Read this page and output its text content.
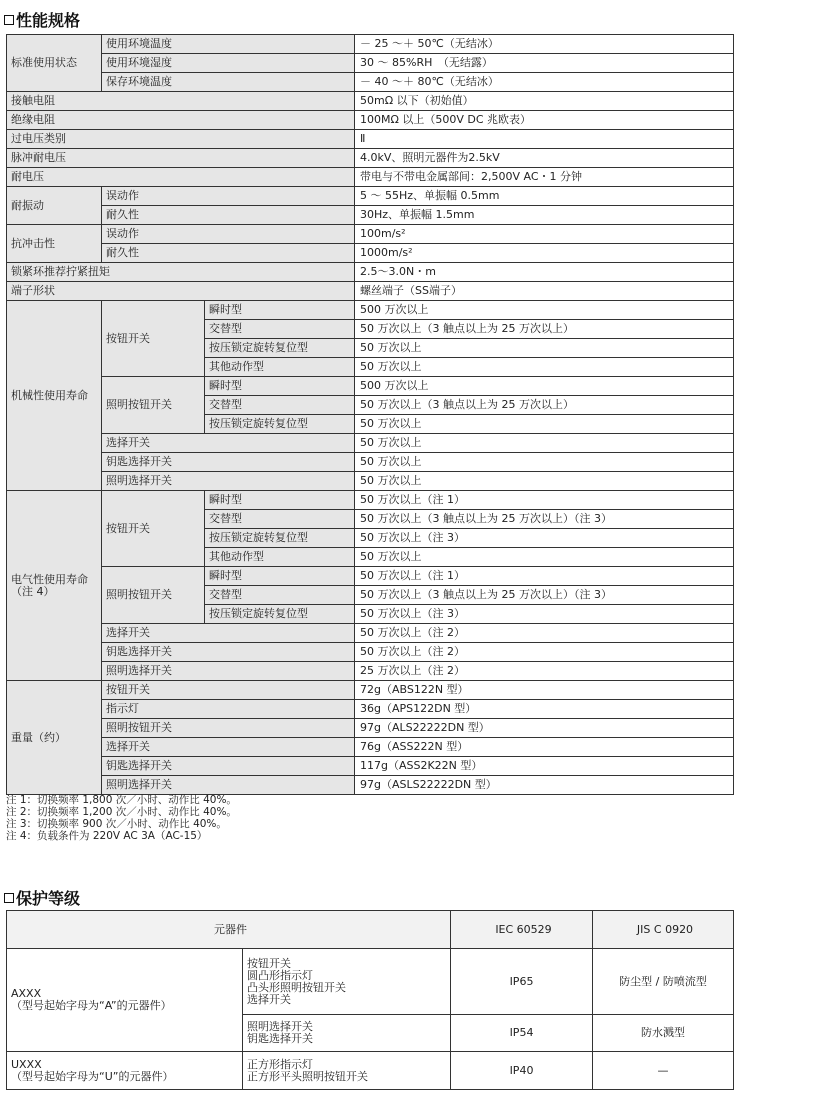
性能规格
标准使用状态	使用环境温度		－ 25 ～＋ 50℃（无结冰）
	使用环境湿度		30 ～ 85%RH　（无结露）
	保存环境温度		－ 40 ～＋ 80℃（无结冰）
接触电阻			50mΩ 以下（初始值）
绝缘电阻			100MΩ 以上（500V DC 兆欧表）
过电压类别			Ⅱ
脉冲耐电压			4.0kV、照明元器件为2.5kV
耐电压			带电与不带电金属部间：2,500V AC・1 分钟
耐振动	误动作		5 ～ 55Hz、单振幅 0.5mm
	耐久性		30Hz、单振幅 1.5mm
抗冲击性	误动作		100m/s²
	耐久性		1000m/s²
锁紧环推荐拧紧扭矩			2.5～3.0N・m
端子形状			螺丝端子（SS端子）
机械性使用寿命	按钮开关	瞬时型	500 万次以上
		交替型	50 万次以上（3 触点以上为 25 万次以上）
		按压锁定旋转复位型	50 万次以上
		其他动作型	50 万次以上
	照明按钮开关	瞬时型	500 万次以上
		交替型	50 万次以上（3 触点以上为 25 万次以上）
		按压锁定旋转复位型	50 万次以上
	选择开关		50 万次以上
	钥匙选择开关		50 万次以上
	照明选择开关		50 万次以上

电气性使用寿命
（注 4）	按钮开关	瞬时型	50 万次以上（注 1）
		交替型	50 万次以上（3 触点以上为 25 万次以上）（注 3）
		按压锁定旋转复位型	50 万次以上（注 3）
		其他动作型	50 万次以上
	照明按钮开关	瞬时型	50 万次以上（注 1）
		交替型	50 万次以上（3 触点以上为 25 万次以上）（注 3）
		按压锁定旋转复位型	50 万次以上（注 3）
	选择开关		50 万次以上（注 2）
	钥匙选择开关		50 万次以上（注 2）
	照明选择开关		25 万次以上（注 2）
重量（约）	按钮开关		72g（ABS122N 型）
	指示灯		36g（APS122DN 型）
	照明按钮开关		97g（ALS22222DN 型）
	选择开关		76g（ASS222N 型）
	钥匙选择开关		117g（ASS2K22N 型）
	照明选择开关		97g（ASLS22222DN 型）
注 1：切换频率 1,800 次／小时、动作比 40%。
注 2：切换频率 1,200 次／小时、动作比 40%。
注 3：切换频率 900 次／小时、动作比 40%。
注 4：负载条件为 220V AC 3A（AC-15）
保护等级
元器件		IEC 60529	JIS C 0920

AXXX
（型号起始字母为“A”的元器件）	按钮开关
圆凸形指示灯
凸头形照明按钮开关
选择开关	IP65	防尘型 / 防喷流型

	照明选择开关
钥匙选择开关	IP54	防水溅型

UXXX
（型号起始字母为“U”的元器件）	正方形指示灯
正方形平头照明按钮开关	IP40	—
